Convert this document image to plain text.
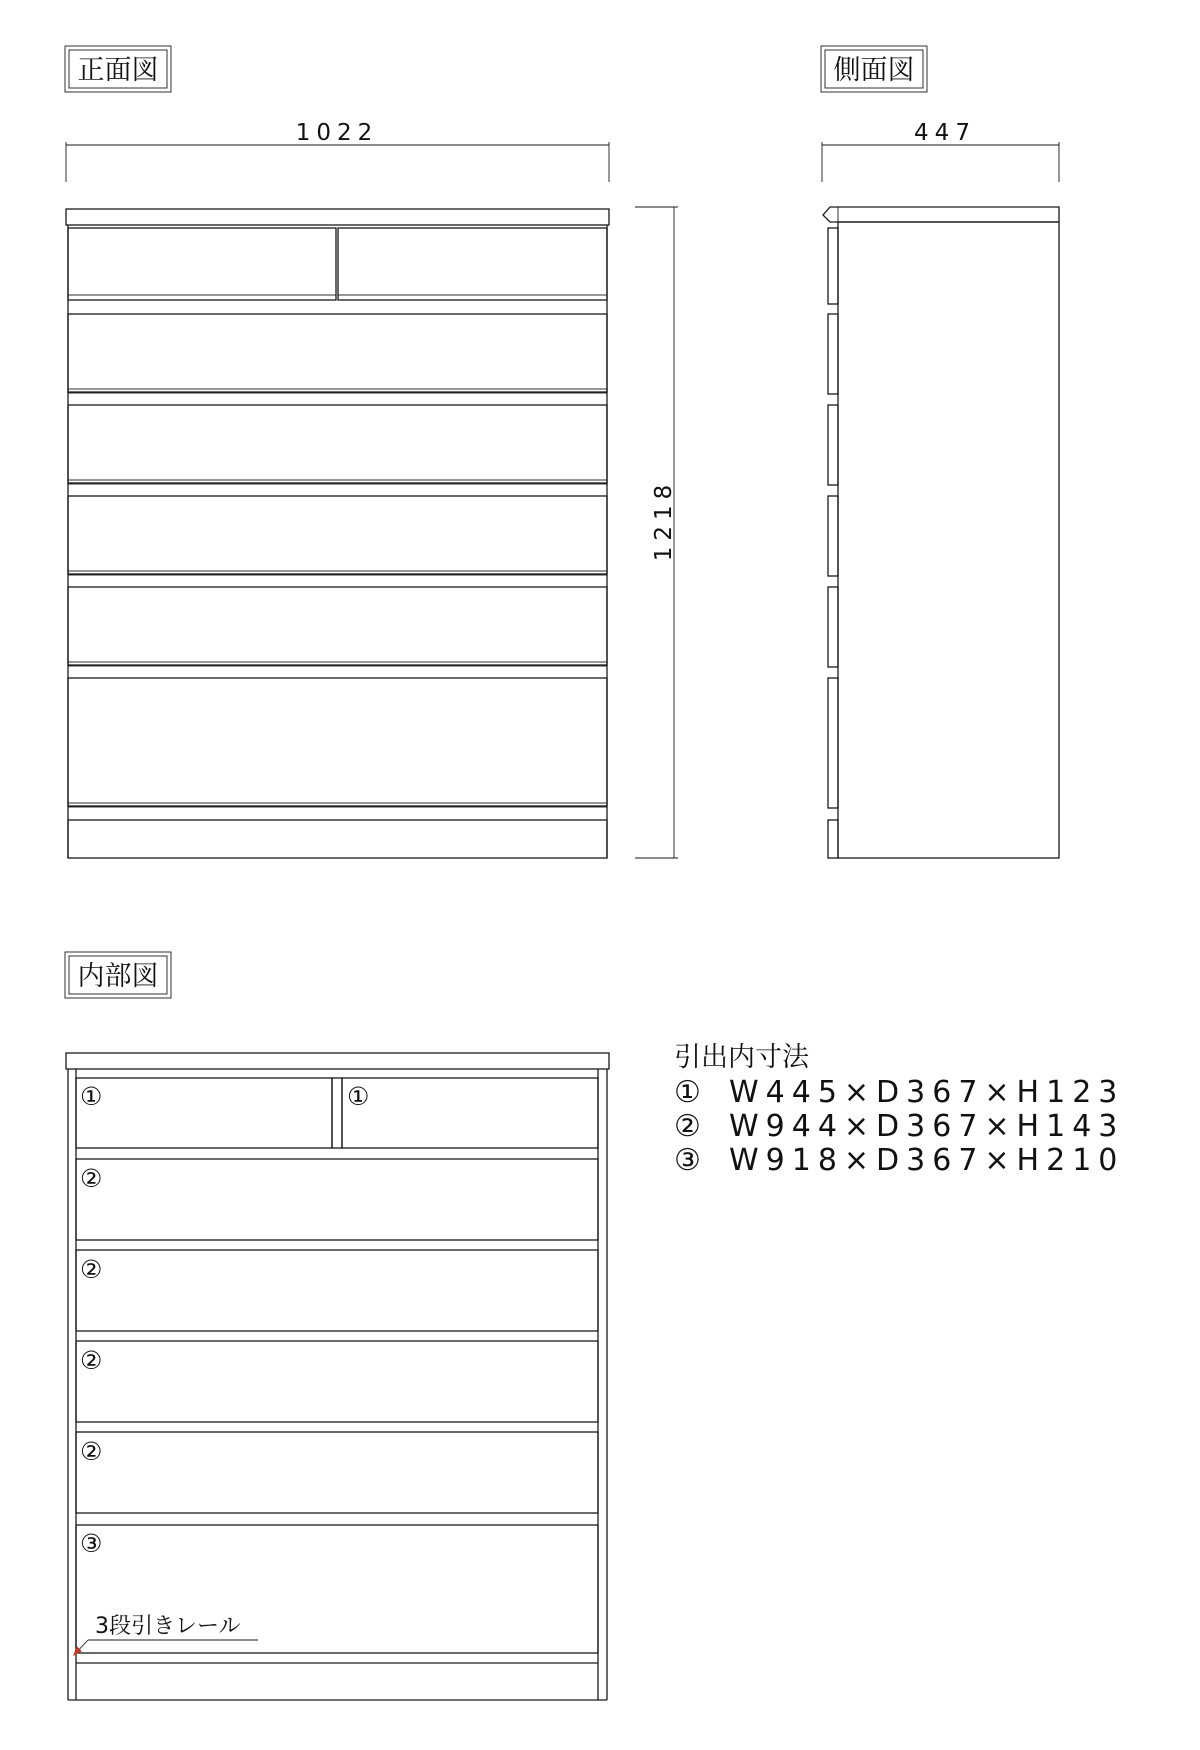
正面図	側面図
内部図
1022
1218
447
①	①
②
②
②
②
③
3段引きレール
引出内寸法
① W445×D367×H123
② W944×D367×H143
③ W918×D367×H210
